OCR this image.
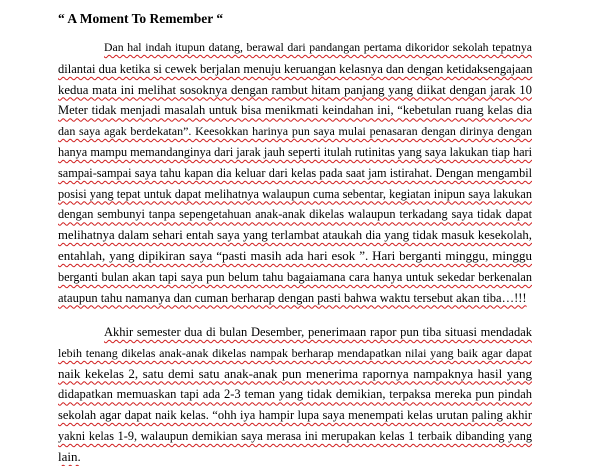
“ A Moment To Remember “
Dan hal indah itupun datang, berawal dari pandangan pertama dikoridor sekolah tepatnya
dilantai dua ketika si cewek berjalan menuju keruangan kelasnya dan dengan ketidaksengajaan
kedua mata ini melihat sosoknya dengan rambut hitam panjang yang diikat dengan jarak 10
Meter tidak menjadi masalah untuk bisa menikmati keindahan ini, “kebetulan ruang kelas dia
dan saya agak berdekatan”. Keesokkan harinya pun saya mulai penasaran dengan dirinya dengan
hanya mampu memandanginya dari jarak jauh seperti itulah rutinitas yang saya lakukan tiap hari
sampai-sampai saya tahu kapan dia keluar dari kelas pada saat jam istirahat. Dengan mengambil
posisi yang tepat untuk dapat melihatnya walaupun cuma sebentar, kegiatan inipun saya lakukan
dengan sembunyi tanpa sepengetahuan anak-anak dikelas walaupun terkadang saya tidak dapat
melihatnya dalam sehari entah saya yang terlambat ataukah dia yang tidak masuk kesekolah,
entahlah, yang dipikiran saya “pasti masih ada hari esok ”. Hari berganti minggu, minggu
berganti bulan akan tapi saya pun belum tahu bagaiamana cara hanya untuk sekedar berkenalan
ataupun tahu namanya dan cuman berharap dengan pasti bahwa waktu tersebut akan tiba…!!!
Akhir semester dua di bulan Desember, penerimaan rapor pun tiba situasi mendadak
lebih tenang dikelas anak-anak dikelas nampak berharap mendapatkan nilai yang baik agar dapat
naik kekelas 2, satu demi satu anak-anak pun menerima rapornya nampaknya hasil yang
didapatkan memuaskan tapi ada 2-3 teman yang tidak demikian, terpaksa mereka pun pindah
sekolah agar dapat naik kelas. “ohh iya hampir lupa saya menempati kelas urutan paling akhir
yakni kelas 1-9, walaupun demikian saya merasa ini merupakan kelas 1 terbaik dibanding yang
lain.
